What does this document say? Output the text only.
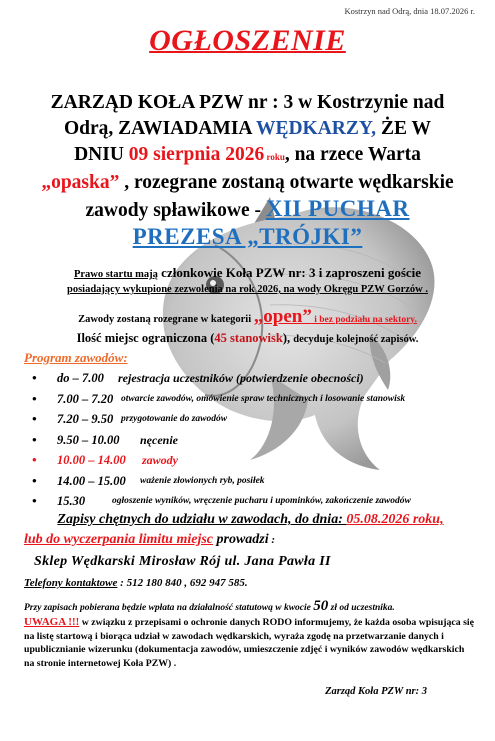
Kostrzyn nad Odrą, dnia 18.07.2026 r.
OGŁOSZENIE
ZARZĄD KOŁA PZW nr : 3 w Kostrzynie nad
Odrą, ZAWIADAMIA WĘDKARZY, ŻE W
DNIU 09 sierpnia 2026 roku, na rzece Warta
„opaska” , rozegrane zostaną otwarte wędkarskie
zawody spławikowe - XII PUCHAR
PREZESA „TRÓJKI”
Prawo startu mają członkowie Koła PZW nr: 3 i zaproszeni goście
posiadający wykupione zezwolenia na rok 2026, na wody Okręgu PZW Gorzów .
Zawody zostaną rozegrane w kategorii „open” i bez podziału na sektory.
Ilość miejsc ograniczona (45 stanowisk), decyduje kolejność zapisów.
Program zawodów:
• do – 7.00 rejestracja uczestników (potwierdzenie obecności)
• 7.00 – 7.20 otwarcie zawodów, omówienie spraw technicznych i losowanie stanowisk
• 7.20 – 9.50 przygotowanie do zawodów
• 9.50 – 10.00 nęcenie
• 10.00 – 14.00 zawody
• 14.00 – 15.00 ważenie złowionych ryb, posiłek
• 15.30	ogłoszenie wyników, wręczenie pucharu i upominków, zakończenie zawodów
Zapisy chętnych do udziału w zawodach, do dnia: 05.08.2026 roku,
lub do wyczerpania limitu miejsc prowadzi :
Sklep Wędkarski Mirosław Rój ul. Jana Pawła II
Telefony kontaktowe : 512 180 840 , 692 947 585.
Przy zapisach pobierana będzie wpłata na działalność statutową w kwocie 50 zł od uczestnika.
UWAGA !!! w związku z przepisami o ochronie danych RODO informujemy, że każda osoba wpisująca się na listę startową i biorąca udział w zawodach wędkarskich, wyraża zgodę na przetwarzanie danych i upublicznianie wizerunku (dokumentacja zawodów, umieszczenie zdjęć i wyników zawodów wędkarskich na stronie internetowej Koła PZW) .
Zarząd Koła PZW nr: 3
